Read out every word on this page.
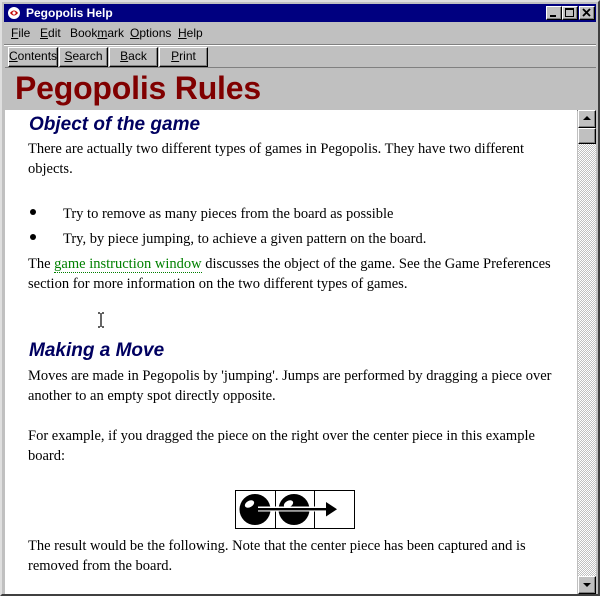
Pegopolis Help
File Edit Bookmark Options Help
Contents Search	Back	Print
Pegopolis Rules
Object of the game
There are actually two different types of games in Pegopolis. They have two different objects.
Try to remove as many pieces from the board as possible
Try, by piece jumping, to achieve a given pattern on the board.
The game instruction window discusses the object of the game. See the Game Preferences section for more information on the two different types of games.
Making a Move
Moves are made in Pegopolis by 'jumping'. Jumps are performed by dragging a piece over another to an empty spot directly opposite.
For example, if you dragged the piece on the right over the center piece in this example board:
The result would be the following. Note that the center piece has been captured and is removed from the board.
